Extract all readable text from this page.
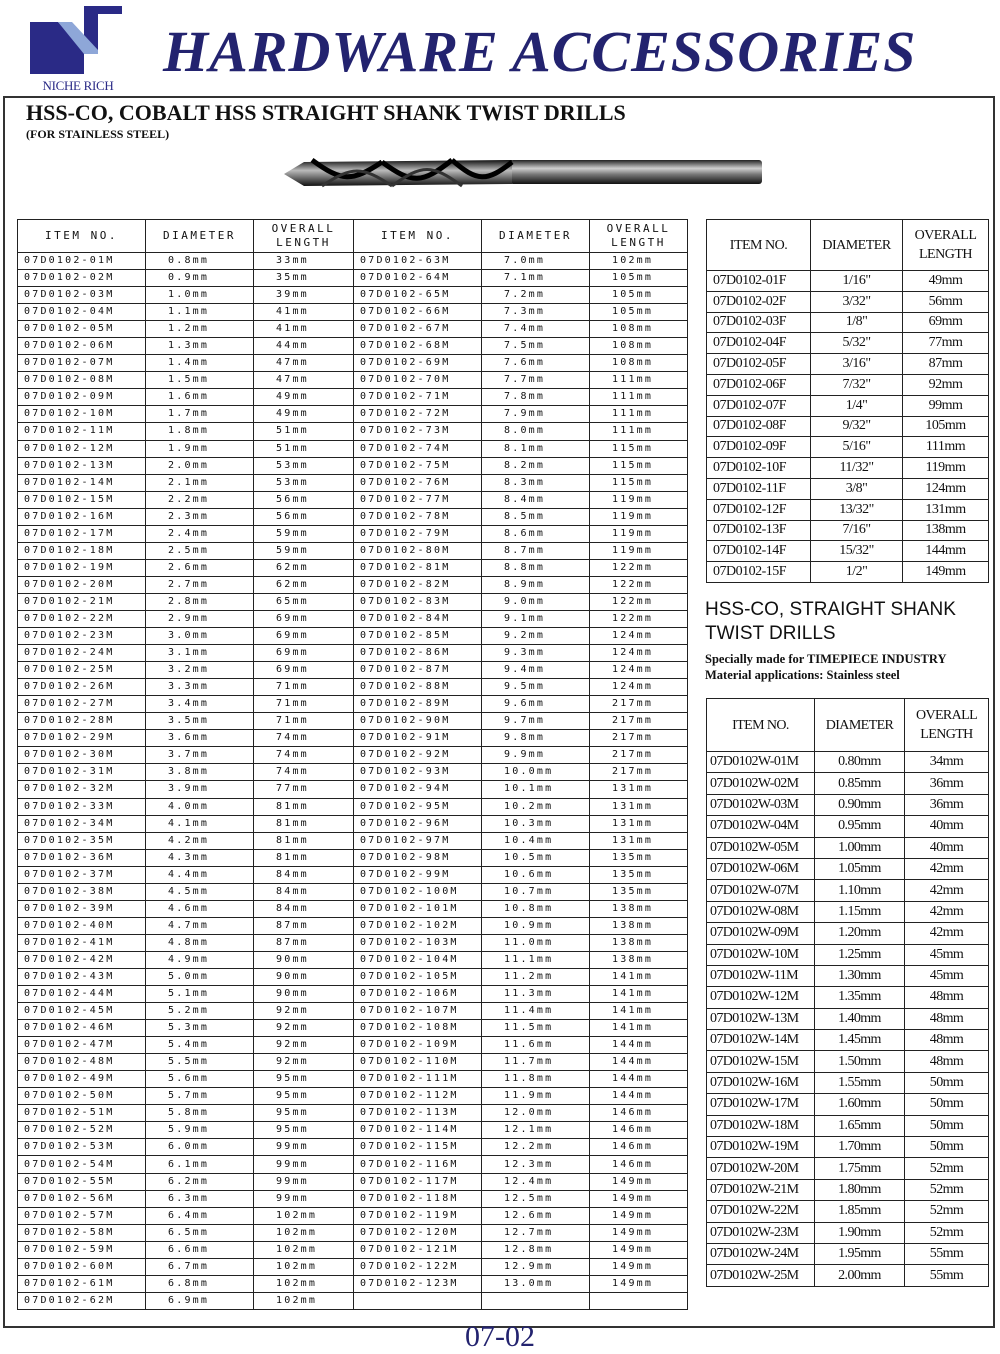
NICHE RICH
HARDWARE ACCESSORIES
HSS-CO, COBALT HSS STRAIGHT SHANK TWIST DRILLS
(FOR STAINLESS STEEL)
ITEM NO.	DIAMETER	OVERALL LENGTH	ITEM NO.	DIAMETER	OVERALL LENGTH
07D0102-01M	0.8mm	33mm	07D0102-63M	7.0mm	102mm
07D0102-02M	0.9mm	35mm	07D0102-64M	7.1mm	105mm
07D0102-03M	1.0mm	39mm	07D0102-65M	7.2mm	105mm
07D0102-04M	1.1mm	41mm	07D0102-66M	7.3mm	105mm
07D0102-05M	1.2mm	41mm	07D0102-67M	7.4mm	108mm
07D0102-06M	1.3mm	44mm	07D0102-68M	7.5mm	108mm
07D0102-07M	1.4mm	47mm	07D0102-69M	7.6mm	108mm
07D0102-08M	1.5mm	47mm	07D0102-70M	7.7mm	111mm
07D0102-09M	1.6mm	49mm	07D0102-71M	7.8mm	111mm
07D0102-10M	1.7mm	49mm	07D0102-72M	7.9mm	111mm
07D0102-11M	1.8mm	51mm	07D0102-73M	8.0mm	111mm
07D0102-12M	1.9mm	51mm	07D0102-74M	8.1mm	115mm
07D0102-13M	2.0mm	53mm	07D0102-75M	8.2mm	115mm
07D0102-14M	2.1mm	53mm	07D0102-76M	8.3mm	115mm
07D0102-15M	2.2mm	56mm	07D0102-77M	8.4mm	119mm
07D0102-16M	2.3mm	56mm	07D0102-78M	8.5mm	119mm
07D0102-17M	2.4mm	59mm	07D0102-79M	8.6mm	119mm
07D0102-18M	2.5mm	59mm	07D0102-80M	8.7mm	119mm
07D0102-19M	2.6mm	62mm	07D0102-81M	8.8mm	122mm
07D0102-20M	2.7mm	62mm	07D0102-82M	8.9mm	122mm
07D0102-21M	2.8mm	65mm	07D0102-83M	9.0mm	122mm
07D0102-22M	2.9mm	69mm	07D0102-84M	9.1mm	122mm
07D0102-23M	3.0mm	69mm	07D0102-85M	9.2mm	124mm
07D0102-24M	3.1mm	69mm	07D0102-86M	9.3mm	124mm
07D0102-25M	3.2mm	69mm	07D0102-87M	9.4mm	124mm
07D0102-26M	3.3mm	71mm	07D0102-88M	9.5mm	124mm
07D0102-27M	3.4mm	71mm	07D0102-89M	9.6mm	217mm
07D0102-28M	3.5mm	71mm	07D0102-90M	9.7mm	217mm
07D0102-29M	3.6mm	74mm	07D0102-91M	9.8mm	217mm
07D0102-30M	3.7mm	74mm	07D0102-92M	9.9mm	217mm
07D0102-31M	3.8mm	74mm	07D0102-93M	10.0mm	217mm
07D0102-32M	3.9mm	77mm	07D0102-94M	10.1mm	131mm
07D0102-33M	4.0mm	81mm	07D0102-95M	10.2mm	131mm
07D0102-34M	4.1mm	81mm	07D0102-96M	10.3mm	131mm
07D0102-35M	4.2mm	81mm	07D0102-97M	10.4mm	131mm
07D0102-36M	4.3mm	81mm	07D0102-98M	10.5mm	135mm
07D0102-37M	4.4mm	84mm	07D0102-99M	10.6mm	135mm
07D0102-38M	4.5mm	84mm	07D0102-100M	10.7mm	135mm
07D0102-39M	4.6mm	84mm	07D0102-101M	10.8mm	138mm
07D0102-40M	4.7mm	87mm	07D0102-102M	10.9mm	138mm
07D0102-41M	4.8mm	87mm	07D0102-103M	11.0mm	138mm
07D0102-42M	4.9mm	90mm	07D0102-104M	11.1mm	138mm
07D0102-43M	5.0mm	90mm	07D0102-105M	11.2mm	141mm
07D0102-44M	5.1mm	90mm	07D0102-106M	11.3mm	141mm
07D0102-45M	5.2mm	92mm	07D0102-107M	11.4mm	141mm
07D0102-46M	5.3mm	92mm	07D0102-108M	11.5mm	141mm
07D0102-47M	5.4mm	92mm	07D0102-109M	11.6mm	144mm
07D0102-48M	5.5mm	92mm	07D0102-110M	11.7mm	144mm
07D0102-49M	5.6mm	95mm	07D0102-111M	11.8mm	144mm
07D0102-50M	5.7mm	95mm	07D0102-112M	11.9mm	144mm
07D0102-51M	5.8mm	95mm	07D0102-113M	12.0mm	146mm
07D0102-52M	5.9mm	95mm	07D0102-114M	12.1mm	146mm
07D0102-53M	6.0mm	99mm	07D0102-115M	12.2mm	146mm
07D0102-54M	6.1mm	99mm	07D0102-116M	12.3mm	146mm
07D0102-55M	6.2mm	99mm	07D0102-117M	12.4mm	149mm
07D0102-56M	6.3mm	99mm	07D0102-118M	12.5mm	149mm
07D0102-57M	6.4mm	102mm	07D0102-119M	12.6mm	149mm
07D0102-58M	6.5mm	102mm	07D0102-120M	12.7mm	149mm
07D0102-59M	6.6mm	102mm	07D0102-121M	12.8mm	149mm
07D0102-60M	6.7mm	102mm	07D0102-122M	12.9mm	149mm
07D0102-61M	6.8mm	102mm	07D0102-123M	13.0mm	149mm
07D0102-62M	6.9mm	102mm			
ITEM NO.	DIAMETER	OVERALL LENGTH
07D0102-01F	1/16"	49mm
07D0102-02F	3/32"	56mm
07D0102-03F	1/8"	69mm
07D0102-04F	5/32"	77mm
07D0102-05F	3/16"	87mm
07D0102-06F	7/32"	92mm
07D0102-07F	1/4"	99mm
07D0102-08F	9/32"	105mm
07D0102-09F	5/16"	111mm
07D0102-10F	11/32"	119mm
07D0102-11F	3/8"	124mm
07D0102-12F	13/32"	131mm
07D0102-13F	7/16"	138mm
07D0102-14F	15/32"	144mm
07D0102-15F	1/2"	149mm
HSS-CO, STRAIGHT SHANK
TWIST DRILLS
Specially made for TIMEPIECE INDUSTRY
Material applications: Stainless steel
ITEM NO.	DIAMETER	OVERALL LENGTH
07D0102W-01M	0.80mm	34mm
07D0102W-02M	0.85mm	36mm
07D0102W-03M	0.90mm	36mm
07D0102W-04M	0.95mm	40mm
07D0102W-05M	1.00mm	40mm
07D0102W-06M	1.05mm	42mm
07D0102W-07M	1.10mm	42mm
07D0102W-08M	1.15mm	42mm
07D0102W-09M	1.20mm	42mm
07D0102W-10M	1.25mm	45mm
07D0102W-11M	1.30mm	45mm
07D0102W-12M	1.35mm	48mm
07D0102W-13M	1.40mm	48mm
07D0102W-14M	1.45mm	48mm
07D0102W-15M	1.50mm	48mm
07D0102W-16M	1.55mm	50mm
07D0102W-17M	1.60mm	50mm
07D0102W-18M	1.65mm	50mm
07D0102W-19M	1.70mm	50mm
07D0102W-20M	1.75mm	52mm
07D0102W-21M	1.80mm	52mm
07D0102W-22M	1.85mm	52mm
07D0102W-23M	1.90mm	52mm
07D0102W-24M	1.95mm	55mm
07D0102W-25M	2.00mm	55mm
07-02
